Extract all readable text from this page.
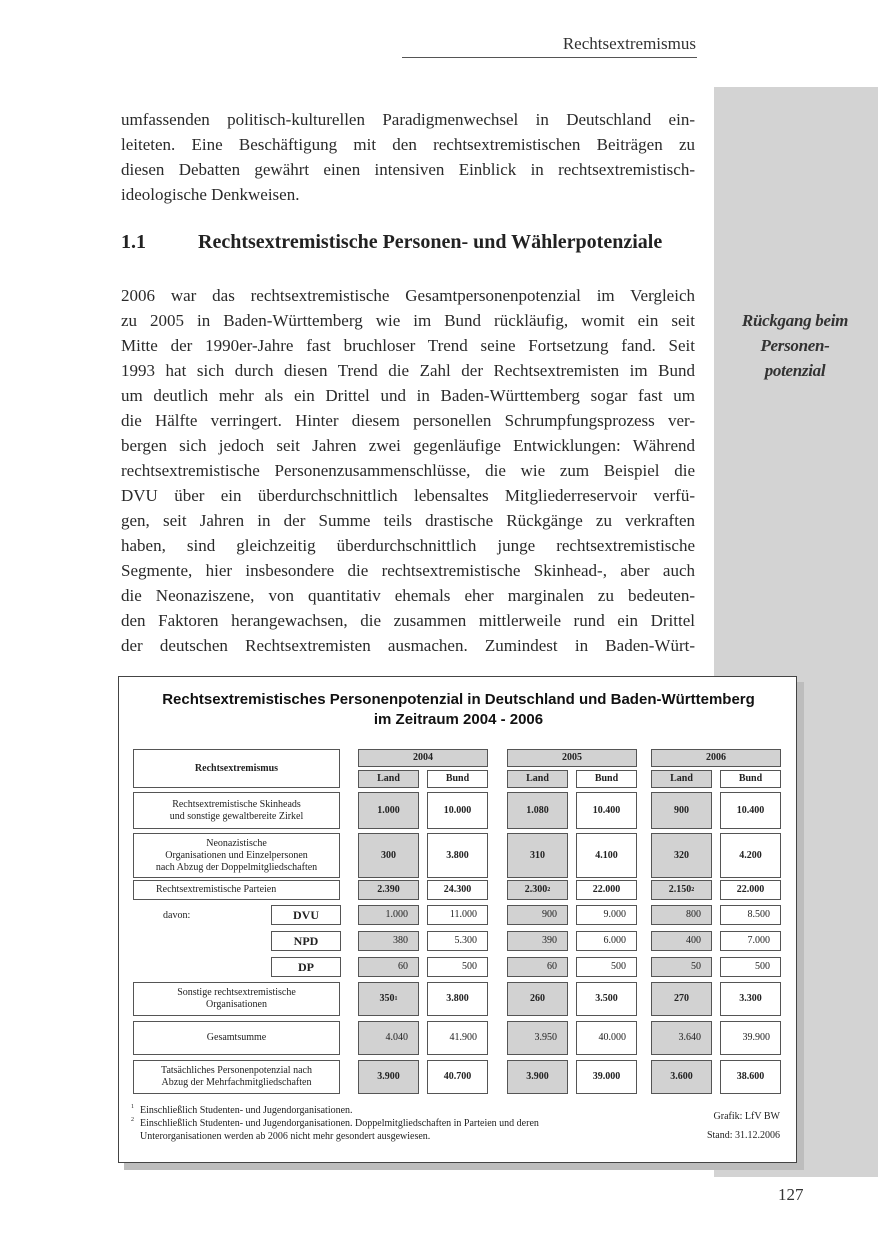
Rechtsextremismus
Rückgang beim
Personen-
potenzial
umfassenden politisch-kulturellen Paradigmenwechsel in Deutschland ein-
leiteten. Eine Beschäftigung mit den rechtsextremistischen Beiträgen zu
diesen Debatten gewährt einen intensiven Einblick in rechtsextremistisch-
ideologische Denkweisen.
1.1	Rechtsextremistische Personen- und Wählerpotenziale
2006 war das rechtsextremistische Gesamtpersonenpotenzial im Vergleich
zu 2005 in Baden-Württemberg wie im Bund rückläufig, womit ein seit
Mitte der 1990er-Jahre fast bruchloser Trend seine Fortsetzung fand. Seit
1993 hat sich durch diesen Trend die Zahl der Rechtsextremisten im Bund
um deutlich mehr als ein Drittel und in Baden-Württemberg sogar fast um
die Hälfte verringert. Hinter diesem personellen Schrumpfungsprozess ver-
bergen sich jedoch seit Jahren zwei gegenläufige Entwicklungen: Während
rechtsextremistische Personenzusammenschlüsse, die wie zum Beispiel die
DVU über ein überdurchschnittlich lebensaltes Mitgliederreservoir verfü-
gen, seit Jahren in der Summe teils drastische Rückgänge zu verkraften
haben, sind gleichzeitig überdurchschnittlich junge rechtsextremistische
Segmente, hier insbesondere die rechtsextremistische Skinhead-, aber auch
die Neonaziszene, von quantitativ ehemals eher marginalen zu bedeuten-
den Faktoren herangewachsen, die zusammen mittlerweile rund ein Drittel
der deutschen Rechtsextremisten ausmachen. Zumindest in Baden-Würt-
Rechtsextremistisches Personenpotenzial in Deutschland und Baden-Württemberg
im Zeitraum 2004 - 2006
Rechtsextremismus
2004
Land	Bund
2005
Land	Bund
2006
Land	Bund
davon:
Rechtsextremistische Skinheads
und sonstige gewaltbereite Zirkel
1.000	10.000	1.080	10.400	900	10.400
Neonazistische
Organisationen und Einzelpersonen
nach Abzug der Doppelmitgliedschaften
300	3.800	310	4.100	320	4.200
Rechtsextremistische Parteien	2.390	24.300	2.300 2	22.000	2.150 2	22.000
DVU	1.000	11.000	900	9.000	800	8.500
NPD	380	5.300	390	6.000	400	7.000
DP	60	500	60	500	50	500
Sonstige rechtsextremistische
Organisationen
350 1	3.800	260	3.500	270	3.300
Gesamtsumme	4.040	41.900	3.950	40.000	3.640	39.900
Tatsächliches Personenpotenzial nach
Abzug der Mehrfachmitgliedschaften
3.900	40.700	3.900	39.000	3.600	38.600
1 Einschließlich Studenten- und Jugendorganisationen.
2 Einschließlich Studenten- und Jugendorganisationen. Doppelmitgliedschaften in Parteien und deren
Unterorganisationen werden ab 2006 nicht mehr gesondert ausgewiesen.
Grafik: LfV BW
Stand: 31.12.2006
127
